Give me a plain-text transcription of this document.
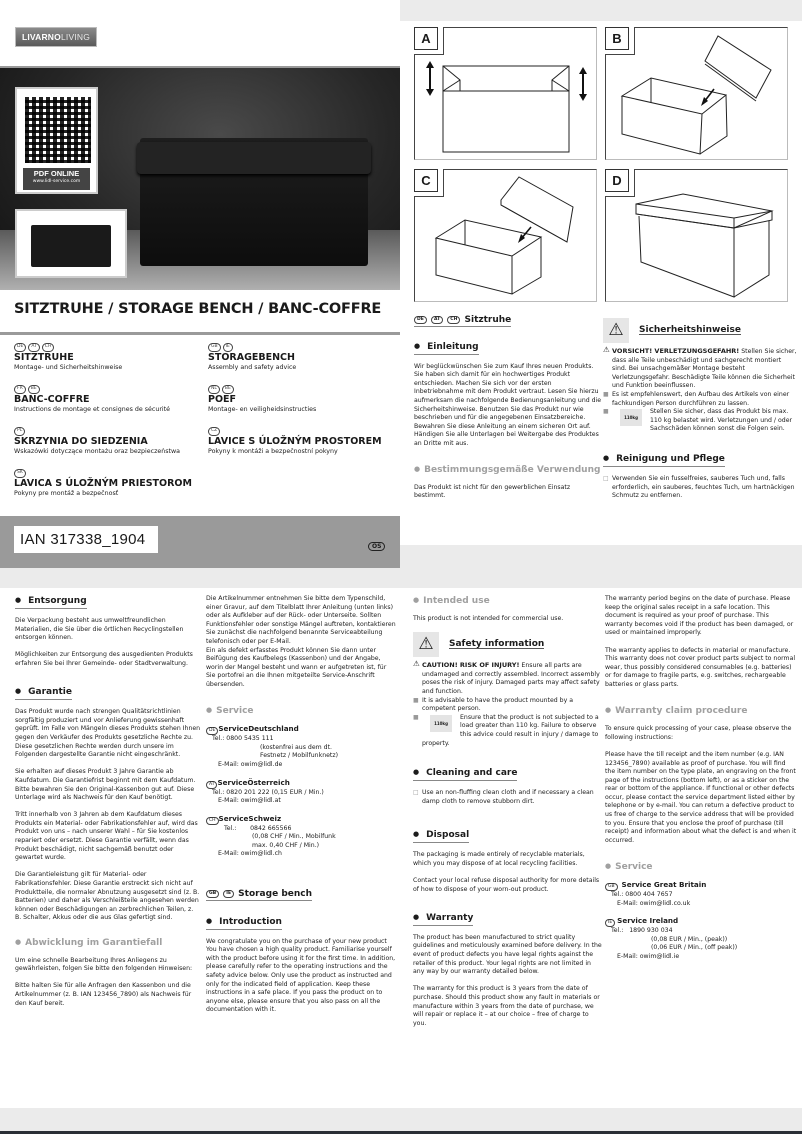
LIVARNO LIVING
PDF ONLINE
www.lidl-service.com
SITZTRUHE / STORAGE BENCH / BANC-COFFRE
DE	AT	CH
SITZTRUHE
Montage- und Sicherheitshinweise
GB	IE
STORAGEBENCH
Assembly and safety advice
FR	BE
BANC-COFFRE
Instructions de montage et consignes de sécurité
NL	BE
POEF
Montage- en veiligheidsinstructies
PL
SKRZYNIA DO SIEDZENIA
Wskazówki dotyczące montażu oraz bezpieczeństwa
CZ
LAVICE S ÚLOŽNÝM PROSTOREM
Pokyny k montáži a bezpečnostní pokyny
SK
LAVICA S ÚLOŽNÝM PRIESTOROM
Pokyny pre montáž a bezpečnosť
IAN 317338_1904	OS
A	B
C	D
DE AT CH Sitztruhe
● Einleitung

Wir beglückwünschen Sie zum Kauf Ihres neuen Produkts. Sie haben sich damit für ein hochwertiges Produkt entschieden. Machen Sie sich vor der ersten Inbetriebnahme mit dem Produkt vertraut. Lesen Sie hierzu aufmerksam die nachfolgende Bedienungsanleitung und die Sicherheitshinweise. Benutzen Sie das Produkt nur wie beschrieben und für die angegebenen Einsatzbereiche. Bewahren Sie diese Anleitung an einem sicheren Ort auf. Händigen Sie alle Unterlagen bei Weitergabe des Produktes an Dritte mit aus.

● Bestimmungsgemäße Verwendung

Das Produkt ist nicht für den gewerblichen Einsatz bestimmt.

⚠	Sicherheitshinweise
⚠ VORSICHT! VERLETZUNGSGEFAHR! Stellen Sie sicher, dass alle Teile unbeschädigt und sachgerecht montiert sind. Bei unsachgemäßer Montage besteht Verletzungsgefahr. Beschädigte Teile können die Sicherheit und Funktion beeinflussen.
■ Es ist empfehlenswert, den Aufbau des Artikels von einer fachkundigen Person durchführen zu lassen.
■
110kg
Stellen Sie sicher, dass das Produkt bis max. 110 kg belastet wird. Verletzungen und / oder Sachschäden können sonst die Folgen sein.
● Reinigung und Pflege
□ Verwenden Sie ein fusselfreies, sauberes Tuch und, falls erforderlich, ein sauberes, feuchtes Tuch, um hartnäckigen Schmutz zu entfernen.
● Entsorgung

Die Verpackung besteht aus umweltfreundlichen Materialien, die Sie über die örtlichen Recyclingstellen entsorgen können.

Möglichkeiten zur Entsorgung des ausgedienten Produkts erfahren Sie bei Ihrer Gemeinde- oder Stadtverwaltung.

● Garantie

Das Produkt wurde nach strengen Qualitätsrichtlinien sorgfältig produziert und vor Anlieferung gewissenhaft geprüft. Im Falle von Mängeln dieses Produkts stehen Ihnen gegen den Verkäufer des Produkts gesetzliche Rechte zu. Diese gesetzlichen Rechte werden durch unsere im Folgenden dargestellte Garantie nicht eingeschränkt.

Sie erhalten auf dieses Produkt 3 Jahre Garantie ab Kaufdatum. Die Garantiefrist beginnt mit dem Kaufdatum. Bitte bewahren Sie den Original-Kassenbon gut auf. Diese Unterlage wird als Nachweis für den Kauf benötigt.

Tritt innerhalb von 3 Jahren ab dem Kaufdatum dieses Produkts ein Material- oder Fabrikationsfehler auf, wird das Produkt von uns – nach unserer Wahl – für Sie kostenlos repariert oder ersetzt. Diese Garantie verfällt, wenn das Produkt beschädigt, nicht sachgemäß benutzt oder gewartet wurde.

Die Garantieleistung gilt für Material- oder Fabrikationsfehler. Diese Garantie erstreckt sich nicht auf Produktteile, die normaler Abnutzung ausgesetzt sind (z. B. Batterien) und daher als Verschleißteile angesehen werden können oder Beschädigungen an zerbrechlichen Teilen, z. B. Schalter, Akkus oder die aus Glas gefertigt sind.

● Abwicklung im Garantiefall

Um eine schnelle Bearbeitung Ihres Anliegens zu gewährleisten, folgen Sie bitte den folgenden Hinweisen:

Bitte halten Sie für alle Anfragen den Kassenbon und die Artikelnummer (z. B. IAN 123456_7890) als Nachweis für den Kauf bereit.

Die Artikelnummer entnehmen Sie bitte dem Typenschild, einer Gravur, auf dem Titelblatt Ihrer Anleitung (unten links) oder als Aufkleber auf der Rück- oder Unterseite. Sollten Funktionsfehler oder sonstige Mängel auftreten, kontaktieren Sie zunächst die nachfolgend benannte Serviceabteilung telefonisch oder per E-Mail.

Ein als defekt erfasstes Produkt können Sie dann unter Beifügung des Kaufbelegs (Kassenbon) und der Angabe, worin der Mangel besteht und wann er aufgetreten ist, für Sie portofrei an die Ihnen mitgeteilte Service-Anschrift übersenden.

● Service
DE ServiceDeutschland
Tel.: 0800 5435 111
(kostenfrei aus dem dt.
Festnetz / Mobilfunknetz)
E-Mail: owim@lidl.de
AT ServiceÖsterreich
Tel.: 0820 201 222 (0,15 EUR / Min.)
E-Mail: owim@lidl.at
CH ServiceSchweiz
Tel.: 0842 665566
(0,08 CHF / Min., Mobilfunk
max. 0,40 CHF / Min.)
E-Mail: owim@lidl.ch
GB IE Storage bench
● Introduction

We congratulate you on the purchase of your new product You have chosen a high quality product. Familiarise yourself with the product before using it for the first time. In addition, please carefully refer to the operating instructions and the safety advice below. Only use the product as instructed and only for the indicated field of application. Keep these instructions in a safe place. If you pass the product on to anyone else, please ensure that you also pass on all the documentation with it.

● Intended use

This product is not intended for commercial use.

⚠	Safety information
⚠ CAUTION! RISK OF INJURY! Ensure all parts are undamaged and correctly assembled. Incorrect assembly poses the risk of injury. Damaged parts may affect safety and function.
■ It is advisable to have the product mounted by a competent person.
■
110kg
Ensure that the product is not subjected to a load greater than 110 kg. Failure to observe this advice could result in injury / damage to property.
● Cleaning and care
□ Use an non-fluffing clean cloth and if necessary a clean damp cloth to remove stubborn dirt.
● Disposal

The packaging is made entirely of recyclable materials, which you may dispose of at local recycling facilities.

Contact your local refuse disposal authority for more details of how to dispose of your worn-out product.

● Warranty

The product has been manufactured to strict quality guidelines and meticulously examined before delivery. In the event of product defects you have legal rights against the retailer of this product. Your legal rights are not limited in any way by our warranty detailed below.

The warranty for this product is 3 years from the date of purchase. Should this product show any fault in materials or manufacture within 3 years from the date of purchase, we will repair or replace it – at our choice – free of charge to you.

The warranty period begins on the date of purchase. Please keep the original sales receipt in a safe location. This document is required as your proof of purchase. This warranty becomes void if the product has been damaged, or used or maintained improperly.

The warranty applies to defects in material or manufacture. This warranty does not cover product parts subject to normal wear, thus possibly considered consumables (e.g. batteries) or for damage to fragile parts, e.g. switches, rechargeable batteries or glass parts.

● Warranty claim procedure

To ensure quick processing of your case, please observe the following instructions:

Please have the till receipt and the item number (e.g. IAN 123456_7890) available as proof of purchase. You will find the item number on the type plate, an engraving on the front page of the instructions (bottom left), or as a sticker on the rear or bottom of the appliance. If functional or other defects occur, please contact the service department listed either by telephone or by e-mail. You can return a defective product to us free of charge to the service address that will be provided to you. Ensure that you enclose the proof of purchase (till receipt) and information about what the defect is and when it occurred.

● Service
GB Service Great Britain
Tel.: 0800 404 7657
E-Mail: owim@lidl.co.uk
IE Service Ireland
Tel.: 1890 930 034
(0,08 EUR / Min., (peak))
(0,06 EUR / Min., (off peak))
E-Mail: owim@lidl.ie
